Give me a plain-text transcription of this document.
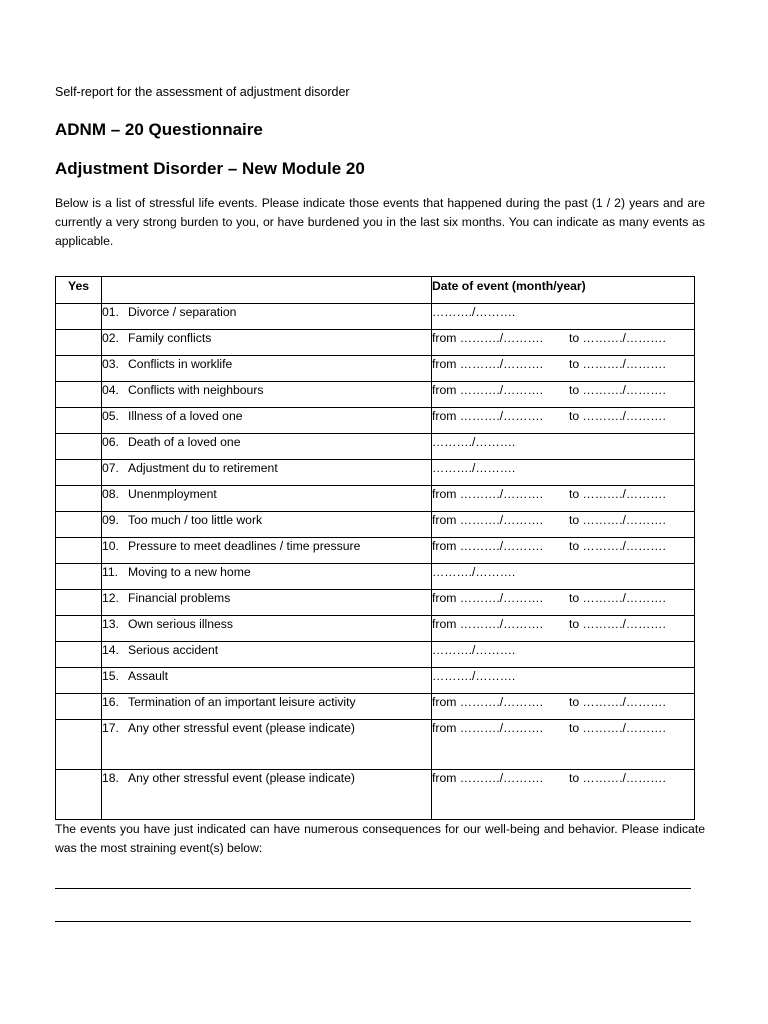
Self-report for the assessment of adjustment disorder
ADNM – 20 Questionnaire
Adjustment Disorder – New Module 20
Below is a list of stressful life events. Please indicate those events that happened during the past (1 / 2) years and are currently a very strong burden to you, or have burdened you in the last six months. You can indicate as many events as applicable.
Yes		Date of event (month/year)
	01. Divorce / separation	………./……….
	02. Family conflicts	from ………./………. to ………./……….
	03. Conflicts in worklife	from ………./………. to ………./……….
	04. Conflicts with neighbours	from ………./………. to ………./……….
	05. Illness of a loved one	from ………./………. to ………./……….
	06. Death of a loved one	………./……….
	07. Adjustment du to retirement	………./……….
	08. Unenmployment	from ………./………. to ………./……….
	09. Too much / too little work	from ………./………. to ………./……….
	10. Pressure to meet deadlines / time pressure	from ………./………. to ………./……….
	11. Moving to a new home	………./……….
	12. Financial problems	from ………./………. to ………./……….
	13. Own serious illness	from ………./………. to ………./……….
	14. Serious accident	………./……….
	15. Assault	………./……….
	16. Termination of an important leisure activity	from ………./………. to ………./……….
	17. Any other stressful event (please indicate)	from ………./………. to ………./……….
	18. Any other stressful event (please indicate)	from ………./………. to ………./……….
The events you have just indicated can have numerous consequences for our well-being and behavior. Please indicate was the most straining event(s) below:
